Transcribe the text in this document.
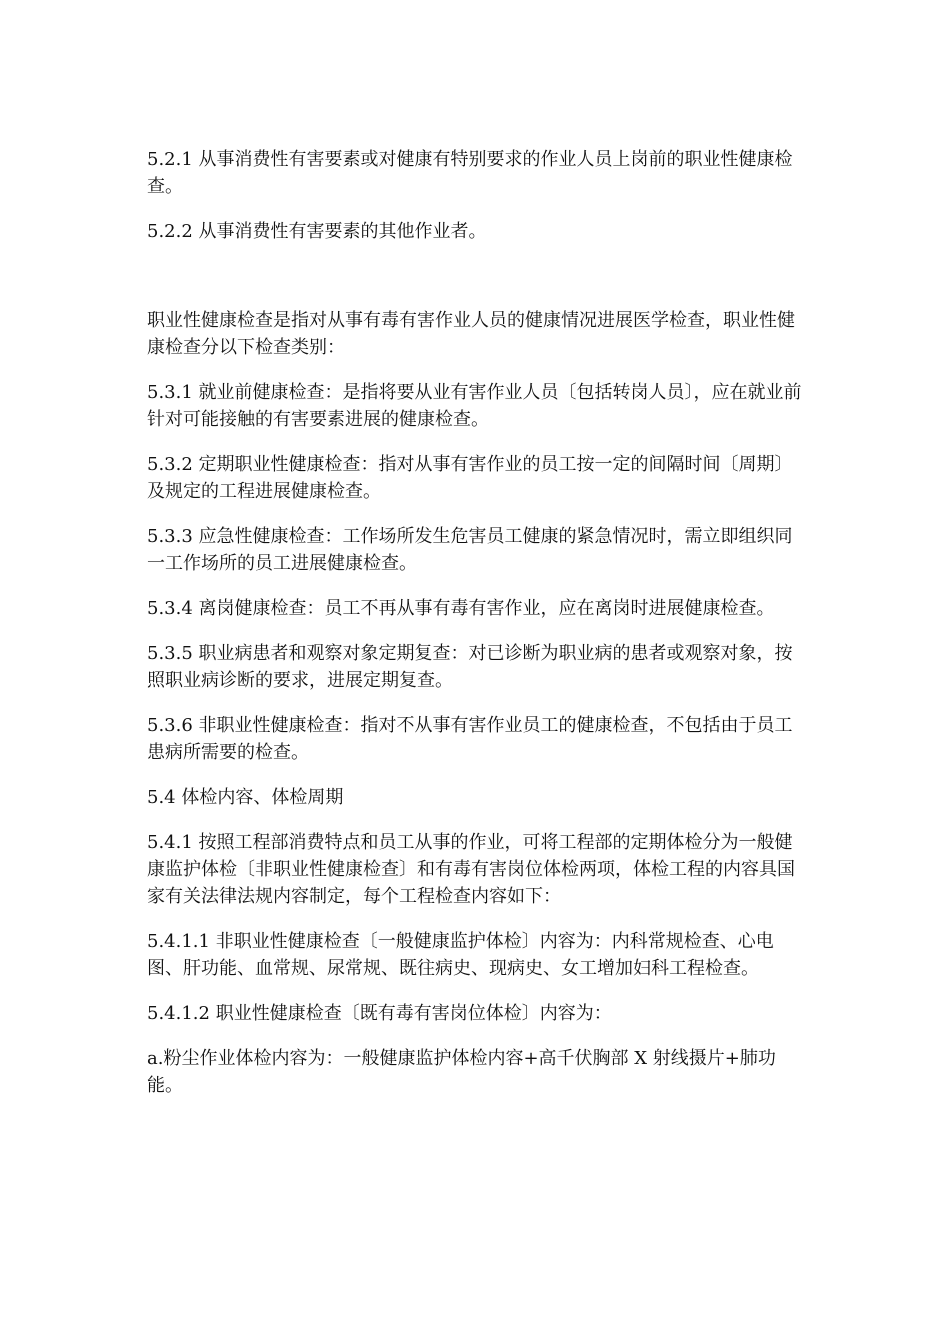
5.2.1 从事消费性有害要素或对健康有特别要求的作业人员上岗前的职业性健康检查。

5.2.2 从事消费性有害要素的其他作业者。

职业性健康检查是指对从事有毒有害作业人员的健康情况进展医学检查，职业性健康检查分以下检查类别：

5.3.1 就业前健康检查：是指将要从业有害作业人员〔包括转岗人员〕，应在就业前针对可能接触的有害要素进展的健康检查。

5.3.2 定期职业性健康检查：指对从事有害作业的员工按一定的间隔时间〔周期〕及规定的工程进展健康检查。

5.3.3 应急性健康检查：工作场所发生危害员工健康的紧急情况时，需立即组织同一工作场所的员工进展健康检查。

5.3.4 离岗健康检查：员工不再从事有毒有害作业，应在离岗时进展健康检查。

5.3.5 职业病患者和观察对象定期复查：对已诊断为职业病的患者或观察对象，按照职业病诊断的要求，进展定期复查。

5.3.6 非职业性健康检查：指对不从事有害作业员工的健康检查，不包括由于员工患病所需要的检查。

5.4 体检内容、体检周期

5.4.1 按照工程部消费特点和员工从事的作业，可将工程部的定期体检分为一般健康监护体检〔非职业性健康检查〕和有毒有害岗位体检两项，体检工程的内容具国家有关法律法规内容制定，每个工程检查内容如下：

5.4.1.1 非职业性健康检查〔一般健康监护体检〕内容为：内科常规检查、心电图、肝功能、血常规、尿常规、既往病史、现病史、女工增加妇科工程检查。

5.4.1.2 职业性健康检查〔既有毒有害岗位体检〕内容为：

a.粉尘作业体检内容为：一般健康监护体检内容+高千伏胸部 X 射线摄片+肺功能。
